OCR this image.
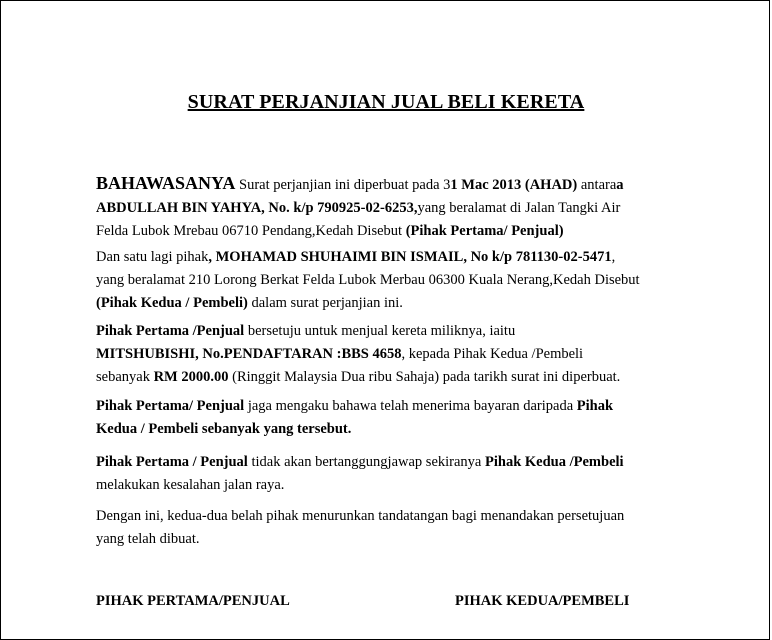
SURAT PERJANJIAN JUAL BELI KERETA
BAHAWASANYA Surat perjanjian ini diperbuat pada 31 Mac 2013 (AHAD) antaraa
ABDULLAH BIN YAHYA, No. k/p 790925-02-6253,yang beralamat di Jalan Tangki Air
Felda Lubok Mrebau 06710 Pendang,Kedah Disebut (Pihak Pertama/ Penjual)
Dan satu lagi pihak, MOHAMAD SHUHAIMI BIN ISMAIL, No k/p 781130-02-5471,
yang beralamat 210 Lorong Berkat Felda Lubok Merbau 06300 Kuala Nerang,Kedah Disebut
(Pihak Kedua / Pembeli) dalam surat perjanjian ini.
Pihak Pertama /Penjual bersetuju untuk menjual kereta miliknya, iaitu
MITSHUBISHI, No.PENDAFTARAN :BBS 4658, kepada Pihak Kedua /Pembeli
sebanyak RM 2000.00 (Ringgit Malaysia Dua ribu Sahaja) pada tarikh surat ini diperbuat.
Pihak Pertama/ Penjual jaga mengaku bahawa telah menerima bayaran daripada Pihak
Kedua / Pembeli sebanyak yang tersebut.
Pihak Pertama / Penjual tidak akan bertanggungjawap sekiranya Pihak Kedua /Pembeli
melakukan kesalahan jalan raya.
Dengan ini, kedua-dua belah pihak menurunkan tandatangan bagi menandakan persetujuan
yang telah dibuat.
PIHAK PERTAMA/PENJUAL	PIHAK KEDUA/PEMBELI
